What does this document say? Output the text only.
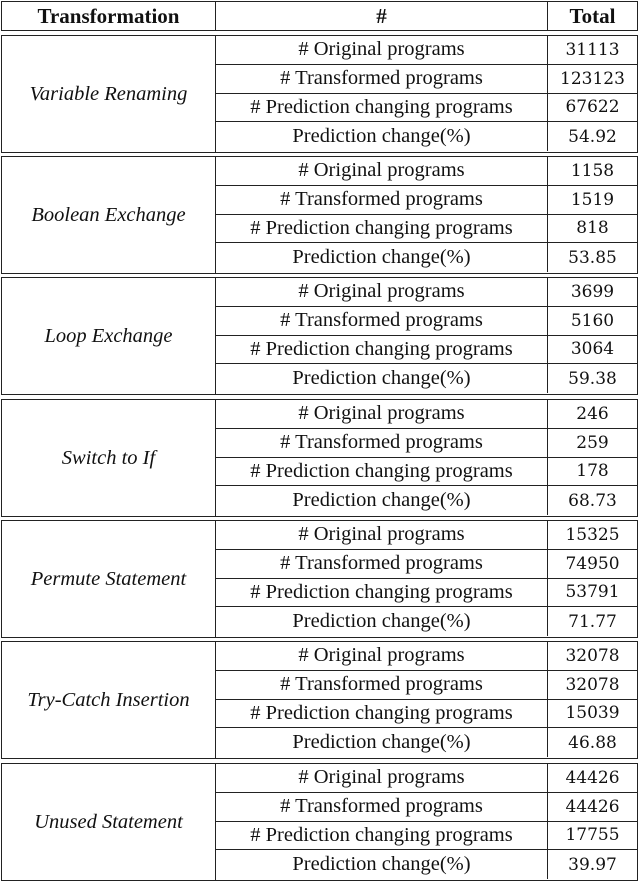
Transformation	#	Total
Variable Renaming
# Original programs	31113
# Transformed programs	123123
# Prediction changing programs	67622
Prediction change(%)	54.92
Boolean Exchange
# Original programs	1158
# Transformed programs	1519
# Prediction changing programs	818
Prediction change(%)	53.85
Loop Exchange
# Original programs	3699
# Transformed programs	5160
# Prediction changing programs	3064
Prediction change(%)	59.38
Switch to If
# Original programs	246
# Transformed programs	259
# Prediction changing programs	178
Prediction change(%)	68.73
Permute Statement
# Original programs	15325
# Transformed programs	74950
# Prediction changing programs	53791
Prediction change(%)	71.77
Try-Catch Insertion
# Original programs	32078
# Transformed programs	32078
# Prediction changing programs	15039
Prediction change(%)	46.88
Unused Statement
# Original programs	44426
# Transformed programs	44426
# Prediction changing programs	17755
Prediction change(%)	39.97
